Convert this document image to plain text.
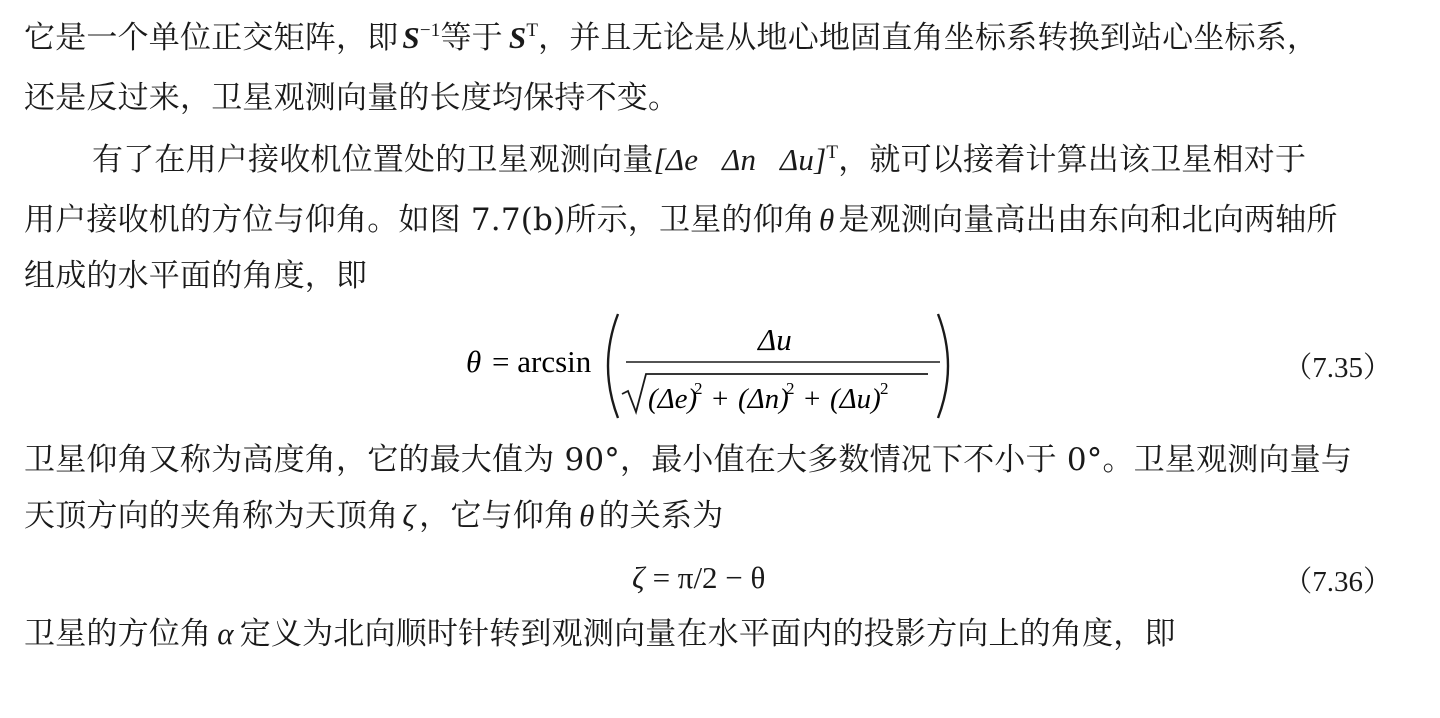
它是一个单位正交矩阵，即 $S^{-1}$等于 $S^T$，并且无论是从地心地固直角坐标系转换到站心坐标系，
还是反过来，卫星观测向量的长度均保持不变。
有了在用户接收机位置处的卫星观测向量[Δe   Δn   Δu]$^T$，就可以接着计算出该卫星相对于
用户接收机的方位与仰角。如图 7.7(b)所示，卫星的仰角 θ 是观测向量高出由东向和北向两轴所
组成的水平面的角度，即
θ = arcsin
Δu
(Δe)
2 + (Δn)
2 + (Δu) 2
（7.35）
卫星仰角又称为高度角，它的最大值为 90°，最小值在大多数情况下不小于 0°。卫星观测向量与
天顶方向的夹角称为天顶角 ζ ，它与仰角 θ 的关系为
ζ = π/2 − θ	（7.36）
卫星的方位角 α 定义为北向顺时针转到观测向量在水平面内的投影方向上的角度，即
